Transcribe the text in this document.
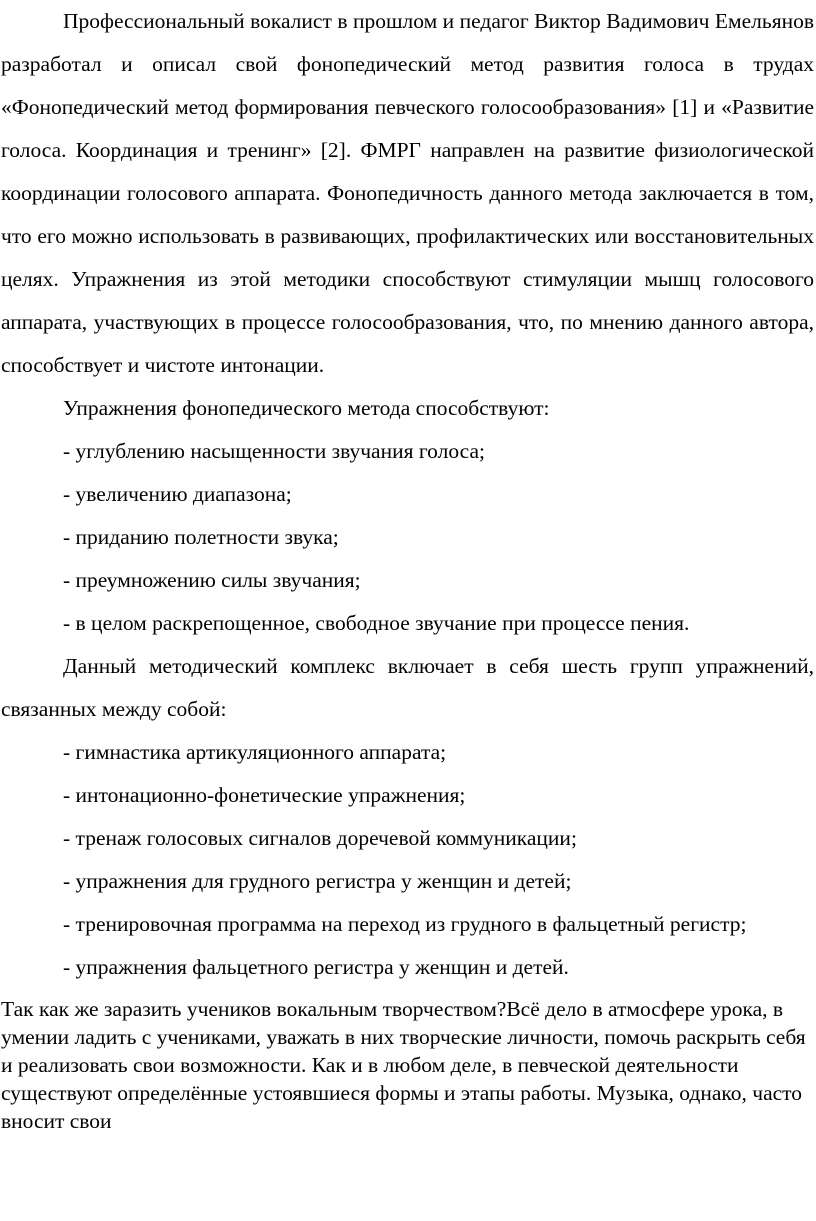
Профессиональный вокалист в прошлом и педагог Виктор Вадимович Емельянов разработал и описал свой фонопедический метод развития голоса в трудах «Фонопедический метод формирования певческого голосообразования» [1] и «Развитие голоса. Координация и тренинг» [2]. ФМРГ направлен на развитие физиологической координации голосового аппарата. Фонопедичность данного метода заключается в том, что его можно использовать в развивающих, профилактических или восстановительных целях. Упражнения из этой методики способствуют стимуляции мышц голосового аппарата, участвующих в процессе голосообразования, что, по мнению данного автора, способствует и чистоте интонации.

Упражнения фонопедического метода способствуют:

- углублению насыщенности звучания голоса;

- увеличению диапазона;

- приданию полетности звука;

- преумножению силы звучания;

- в целом раскрепощенное, свободное звучание при процессе пения.

Данный методический комплекс включает в себя шесть групп упражнений, связанных между собой:

- гимнастика артикуляционного аппарата;

- интонационно-фонетические упражнения;

- тренаж голосовых сигналов доречевой коммуникации;

- упражнения для грудного регистра у женщин и детей;

- тренировочная программа на переход из грудного в фальцетный регистр;

- упражнения фальцетного регистра у женщин и детей.

Так как же заразить учеников вокальным творчеством?Всё дело в атмосфере урока, в умении ладить с учениками, уважать в них творческие личности, помочь раскрыть себя и реализовать свои возможности. Как и в любом деле, в певческой деятельности существуют определённые устоявшиеся формы и этапы работы. Музыка, однако, часто вносит свои
